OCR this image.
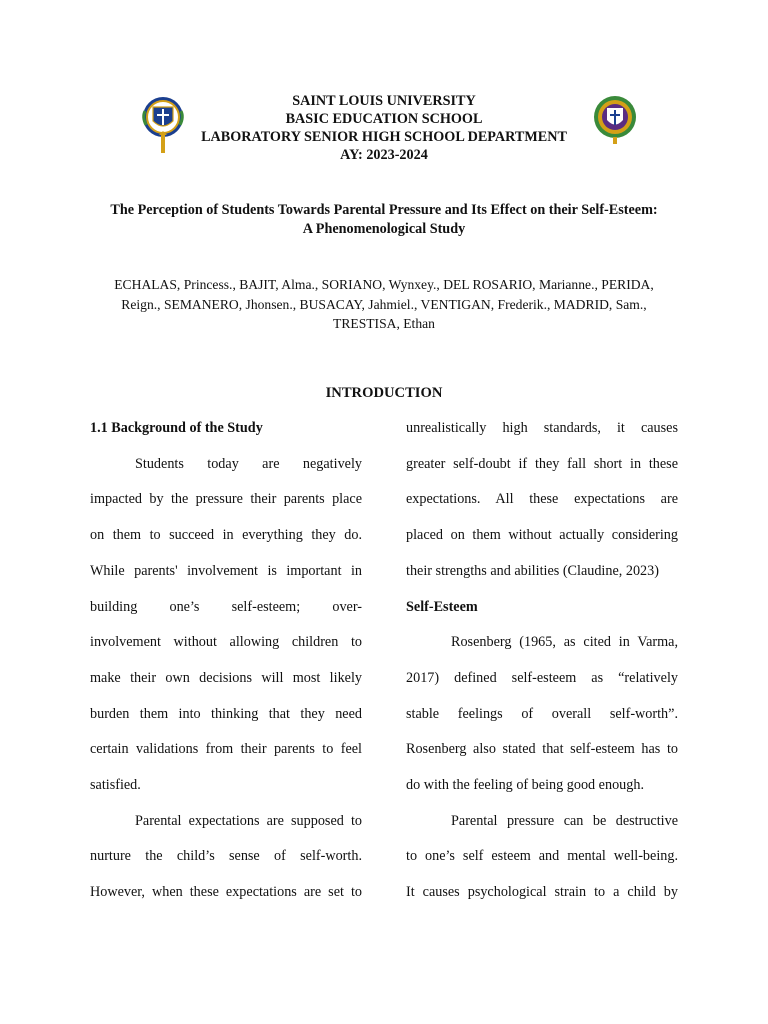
SAINT LOUIS UNIVERSITY
BASIC EDUCATION SCHOOL
LABORATORY SENIOR HIGH SCHOOL DEPARTMENT
AY: 2023-2024
The Perception of Students Towards Parental Pressure and Its Effect on their Self-Esteem:
A Phenomenological Study
ECHALAS, Princess., BAJIT, Alma., SORIANO, Wynxey., DEL ROSARIO, Marianne., PERIDA,
Reign., SEMANERO, Jhonsen., BUSACAY, Jahmiel., VENTIGAN, Frederik., MADRID, Sam.,
TRESTISA, Ethan
INTRODUCTION
1.1 Background of the Study

Students today are negatively

impacted by the pressure their parents place

on them to succeed in everything they do.

While parents' involvement is important in

building one’s self-esteem; over-

involvement without allowing children to

make their own decisions will most likely

burden them into thinking that they need

certain validations from their parents to feel

satisfied.

Parental expectations are supposed to

nurture the child’s sense of self-worth.

However, when these expectations are set to

unrealistically high standards, it causes

greater self-doubt if they fall short in these

expectations. All these expectations are

placed on them without actually considering

their strengths and abilities (Claudine, 2023)

Self-Esteem

Rosenberg (1965, as cited in Varma,

2017) defined self-esteem as “relatively

stable feelings of overall self-worth”.

Rosenberg also stated that self-esteem has to

do with the feeling of being good enough.

Parental pressure can be destructive

to one’s self esteem and mental well-being.

It causes psychological strain to a child by
